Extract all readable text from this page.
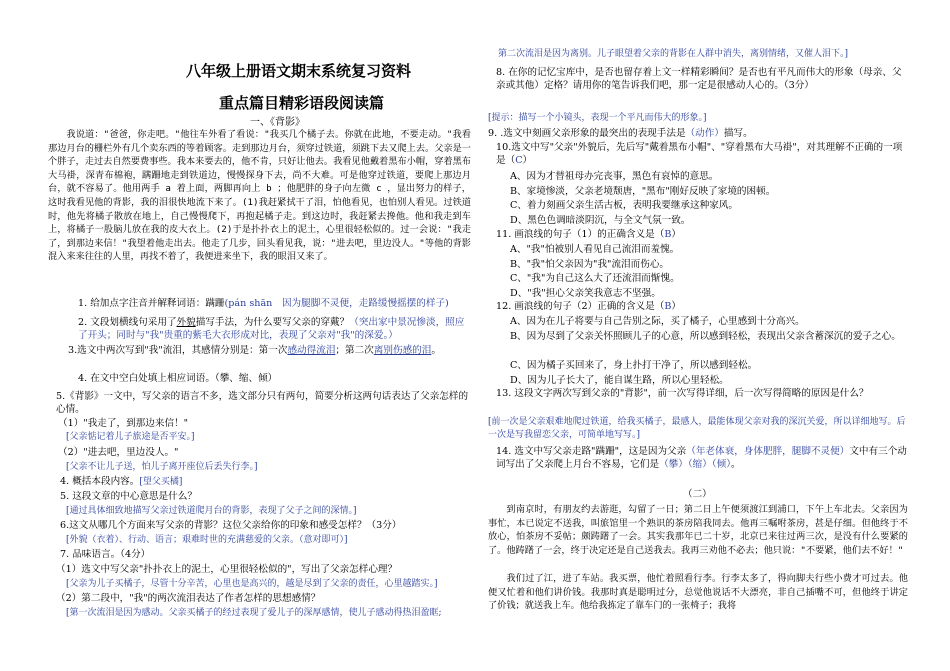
八年级上册语文期末系统复习资料
重点篇目精彩语段阅读篇
一、《背影》
我说道："爸爸，你走吧。"他往车外看了看说："我买几个橘子去。你就在此地，不要走动。"我看那边月台的栅栏外有几个卖东西的等着顾客。走到那边月台，须穿过铁道，须跳下去又爬上去。父亲是一个胖子，走过去自然要费事些。我本来要去的，他不肯，只好让他去。我看见他戴着黑布小帽，穿着黑布大马褂，深青布棉袍，蹒跚地走到铁道边，慢慢探身下去，尚不大难。可是他穿过铁道，要爬上那边月台，就不容易了。他用两手 a 着上面，两脚再向上 b ；他肥胖的身子向左微 c ，显出努力的样子，这时我看见他的背影，我的泪很快地流下来了。(1)我赶紧拭干了泪，怕他看见，也怕别人看见。过铁道时，他先将橘子散放在地上，自己慢慢爬下，再抱起橘子走。到这边时，我赶紧去搀他。他和我走到车上，将橘子一股脑儿放在我的皮大衣上。(2)于是扑扑衣上的泥土，心里很轻松似的。过一会说："我走了，到那边来信！"我望着他走出去。他走了几步，回头看见我，说："进去吧，里边没人。"等他的背影混入来来往往的人里，再找不着了，我便进来坐下，我的眼泪又来了。
1. 给加点字注音并解释词语：蹒跚(pán shān　因为腿脚不灵便，走路缓慢摇摆的样子)
2. 文段划横线句采用了外貌描写手法，为什么要写父亲的穿戴？（突出家中景况惨淡，照应了开头；同时与"我"贵重的紫毛大衣形成对比，表现了父亲对"我"的深爱。）
3.选文中两次写到"我"流泪，其感情分别是：第一次感动得流泪；第二次离别伤感的泪。
4. 在文中空白处填上相应词语。（攀、缩、倾）
5.《背影》一文中，写父亲的语言不多，选文部分只有两句，简要分析这两句话表达了父亲怎样的心情。
（1）"我走了，到那边来信！"
[父亲惦记着儿子旅途是否平安。]
（2）"进去吧，里边没人。"
[父亲不让儿子送，怕儿子离开座位后丢失行李。]
4. 概括本段内容。[望父买橘]
5. 这段文章的中心意思是什么？
[通过具体细致地描写父亲过铁道爬月台的背影，表现了父子之间的深情。]
6.这文从哪几个方面来写父亲的背影？这位父亲给你的印象和感受怎样？（3分）
[外貌（衣着）、行动、语言；艰难时世的充满慈爱的父亲。（意对即可）]
7. 品味语言。（4分）
（1）选文中写父亲"扑扑衣上的泥土，心里很轻松似的"，写出了父亲怎样心理？
[父亲为儿子买橘子，尽管十分辛苦，心里也是高兴的，越是尽到了父亲的责任，心里越踏实。]
（2）第二段中，"我"的两次流泪表达了作者怎样的思想感情？
[第一次流泪是因为感动。父亲买橘子的经过表现了爱儿子的深厚感情，使儿子感动得热泪盈眶;
第二次流泪是因为离别。儿子眼望着父亲的背影在人群中消失，离别情绪，又催人泪下。]
8. 在你的记忆宝库中，是否也留存着上文一样精彩瞬间？是否也有平凡而伟大的形象（母亲、父亲或其他）定格？请用你的笔告诉我们吧，那一定是很感动人心的。（3分）
[提示：描写一个小镜头，表现一个平凡而伟大的形象。]
9. .选文中刻画父亲形象的最突出的表现手法是（动作）描写。
10.选文中写"父亲"外貌后，先后写"戴着黑布小帽"、"穿着黑布大马褂"，对其理解不正确的一项是（C）
A、因为才替祖母办完丧事，黑色有哀悼的意思。
B、家境惨淡，父亲老境颓唐，"黑布"刚好反映了家境的困顿。
C、着力刻画父亲生活古板，表明我要继承这种家风。
D、黑色色调暗淡阴沉，与全文气氛一致。
11. 画浪线的句子（1）的正确含义是（B）
A、"我"怕被别人看见自己流泪而羞愧。
B、"我"怕父亲因为"我"流泪而伤心。
C、"我"为自己这么大了还流泪而惭愧。
D、"我"担心父亲笑我意志不坚强。
12. 画浪线的句子（2）正确的含义是（B）
A、因为在儿子将要与自己告别之际，买了橘子，心里感到十分高兴。
B、因为尽到了父亲关怀照顾儿子的心意，所以感到轻松，表现出父亲含蓄深沉的爱子之心。
C、因为橘子买回来了，身上扑打干净了，所以感到轻松。
D、因为儿子长大了，能自谋生路，所以心里轻松。
13. 这段文字两次写到父亲的"背影"，前一次写得详细，后一次写得简略的原因是什么？
[前一次是父亲艰难地爬过铁道，给我买橘子，最感人，最能体现父亲对我的深沉关爱，所以详细地写。后一次是写我留恋父亲，可简单地写写。]
14. 选文中写父亲走路"蹒跚"，这是因为父亲（年老体衰，身体肥胖，腿脚不灵便）文中有三个动词写出了父亲爬上月台不容易，它们是（攀）（缩）（倾）。
（二）
到南京时，有朋友约去游逛，勾留了一日；第二日上午便须渡江到浦口，下午上车北去。父亲因为事忙，本已说定不送我，叫旅馆里一个熟识的茶房陪我同去。他再三嘱咐茶房，甚是仔细。但他终于不放心，怕茶房不妥帖；颇踌躇了一会。其实我那年已二十岁，北京已来往过两三次，是没有什么要紧的了。他踌躇了一会，终于决定还是自己送我去。我再三劝他不必去；他只说："不要紧，他们去不好！"
我们过了江，进了车站。我买票，他忙着照看行李。行李太多了，得向脚夫行些小费才可过去。他便又忙着和他们讲价钱。我那时真是聪明过分，总觉他说话不大漂亮，非自己插嘴不可，但他终于讲定了价钱；就送我上车。他给我拣定了靠车门的一张椅子；我将
